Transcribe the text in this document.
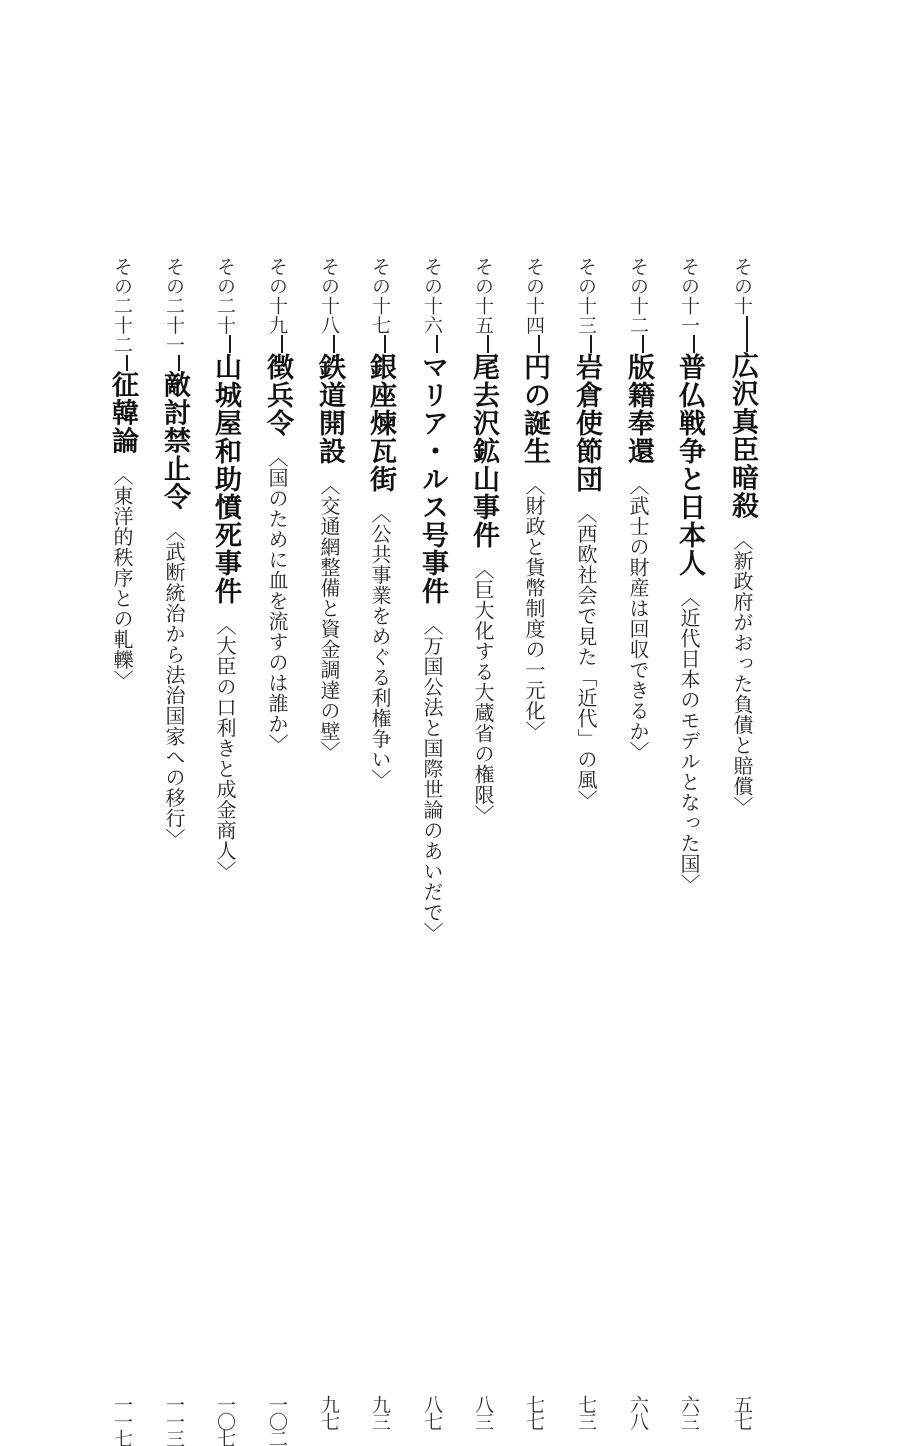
その十広沢真臣暗殺〈新政府がおった負債と賠償〉
五七
その十一普仏戦争と日本人〈近代日本のモデルとなった国〉
六三
その十二版籍奉還〈武士の財産は回収できるか〉
六八
その十三岩倉使節団〈西欧社会で見た「近代」の風〉
七三
その十四円の誕生〈財政と貨幣制度の一元化〉
七七
その十五尾去沢鉱山事件〈巨大化する大蔵省の権限〉
八三
その十六マリア・ルス号事件〈万国公法と国際世論のあいだで〉
八七
その十七銀座煉瓦街〈公共事業をめぐる利権争い〉
九三
その十八鉄道開設〈交通網整備と資金調達の壁〉
九七
その十九徴兵令〈国のために血を流すのは誰か〉
一〇二
その二十山城屋和助憤死事件〈大臣の口利きと成金商人〉
一〇七
その二十一敵討禁止令〈武断統治から法治国家への移行〉
一一三
その二十二征韓論〈東洋的秩序との軋轢〉
一一七
